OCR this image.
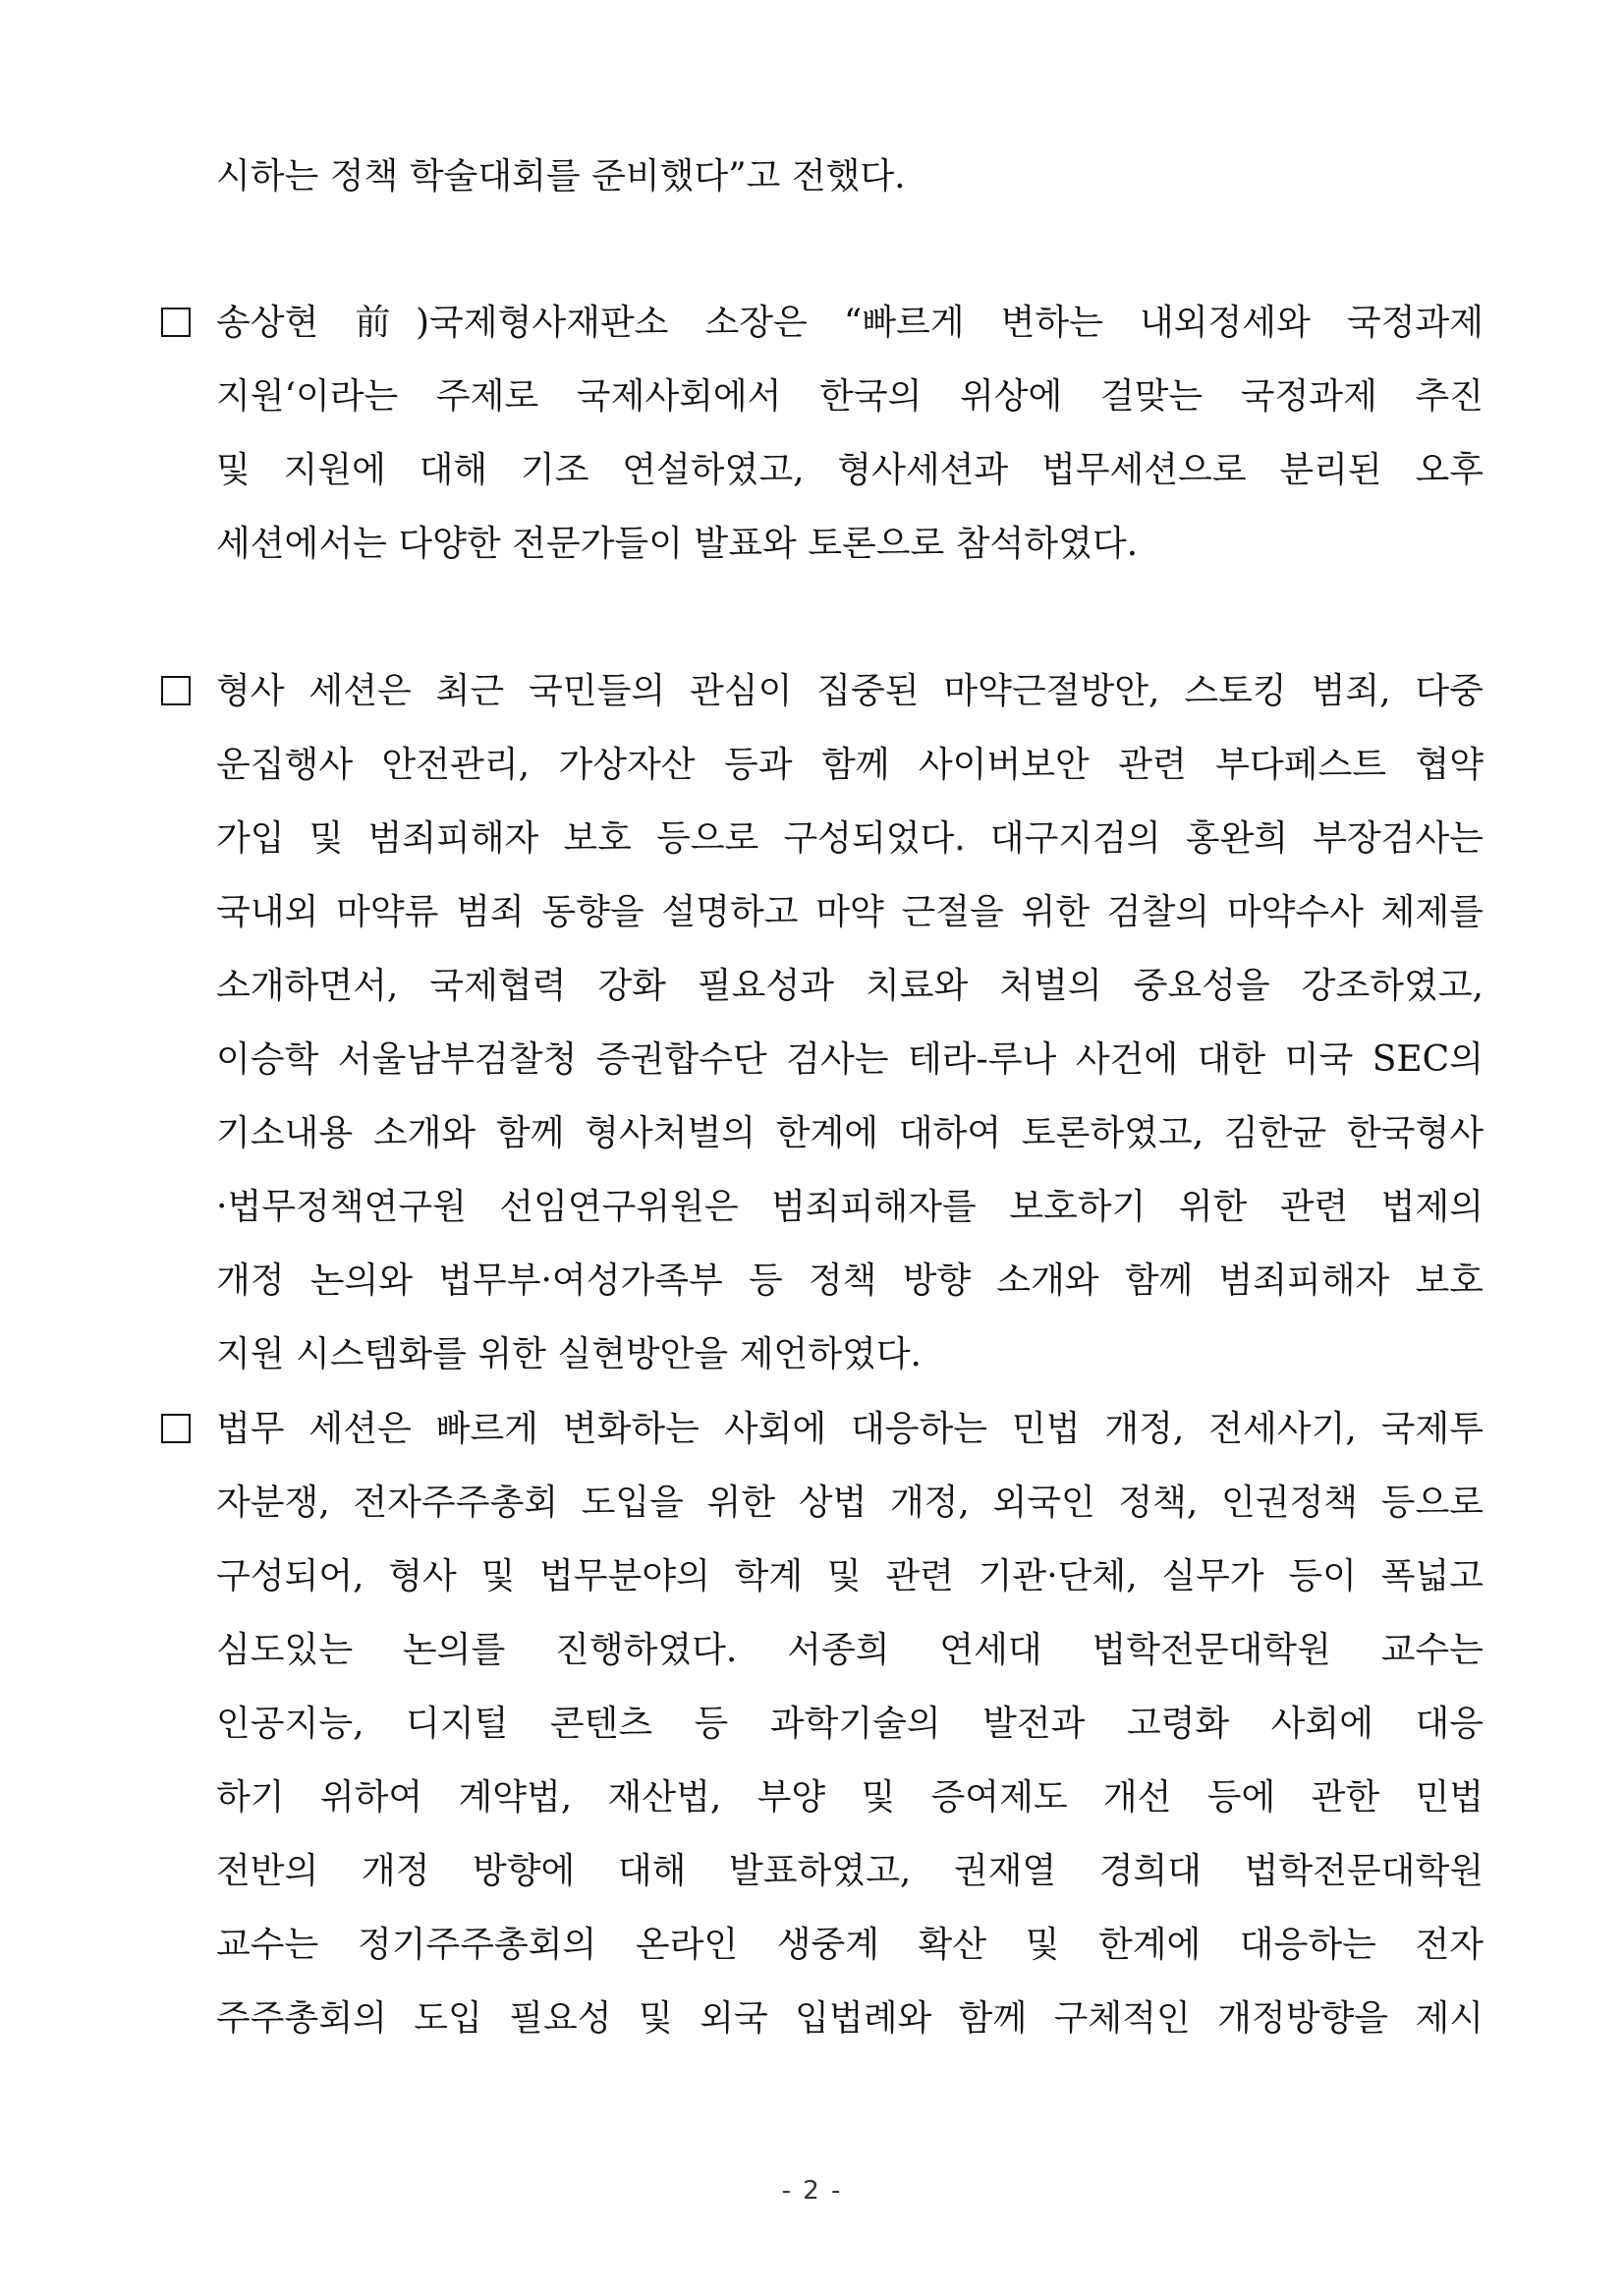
시하는 정책 학술대회를 준비했다”고 전했다.
송상현 前)국제형사재판소 소장은 “빠르게 변하는 내외정세와 국정과제
지원‘이라는 주제로 국제사회에서 한국의 위상에 걸맞는 국정과제 추진
및 지원에 대해 기조 연설하였고, 형사세션과 법무세션으로 분리된 오후
세션에서는 다양한 전문가들이 발표와 토론으로 참석하였다.
형사 세션은 최근 국민들의 관심이 집중된 마약근절방안, 스토킹 범죄, 다중
운집행사 안전관리, 가상자산 등과 함께 사이버보안 관련 부다페스트 협약
가입 및 범죄피해자 보호 등으로 구성되었다. 대구지검의 홍완희 부장검사는
국내외 마약류 범죄 동향을 설명하고 마약 근절을 위한 검찰의 마약수사 체제를
소개하면서, 국제협력 강화 필요성과 치료와 처벌의 중요성을 강조하였고,
이승학 서울남부검찰청 증권합수단 검사는 테라-루나 사건에 대한 미국 SEC의
기소내용 소개와 함께 형사처벌의 한계에 대하여 토론하였고, 김한균 한국형사
·법무정책연구원 선임연구위원은 범죄피해자를 보호하기 위한 관련 법제의
개정 논의와 법무부·여성가족부 등 정책 방향 소개와 함께 범죄피해자 보호
지원 시스템화를 위한 실현방안을 제언하였다.
법무 세션은 빠르게 변화하는 사회에 대응하는 민법 개정, 전세사기, 국제투
자분쟁, 전자주주총회 도입을 위한 상법 개정, 외국인 정책, 인권정책 등으로
구성되어, 형사 및 법무분야의 학계 및 관련 기관·단체, 실무가 등이 폭넓고
심도있는 논의를 진행하였다. 서종희 연세대 법학전문대학원 교수는
인공지능, 디지털 콘텐츠 등 과학기술의 발전과 고령화 사회에 대응
하기 위하여 계약법, 재산법, 부양 및 증여제도 개선 등에 관한 민법
전반의 개정 방향에 대해 발표하였고, 권재열 경희대 법학전문대학원
교수는 정기주주총회의 온라인 생중계 확산 및 한계에 대응하는 전자
주주총회의 도입 필요성 및 외국 입법례와 함께 구체적인 개정방향을 제시
- 2 -
